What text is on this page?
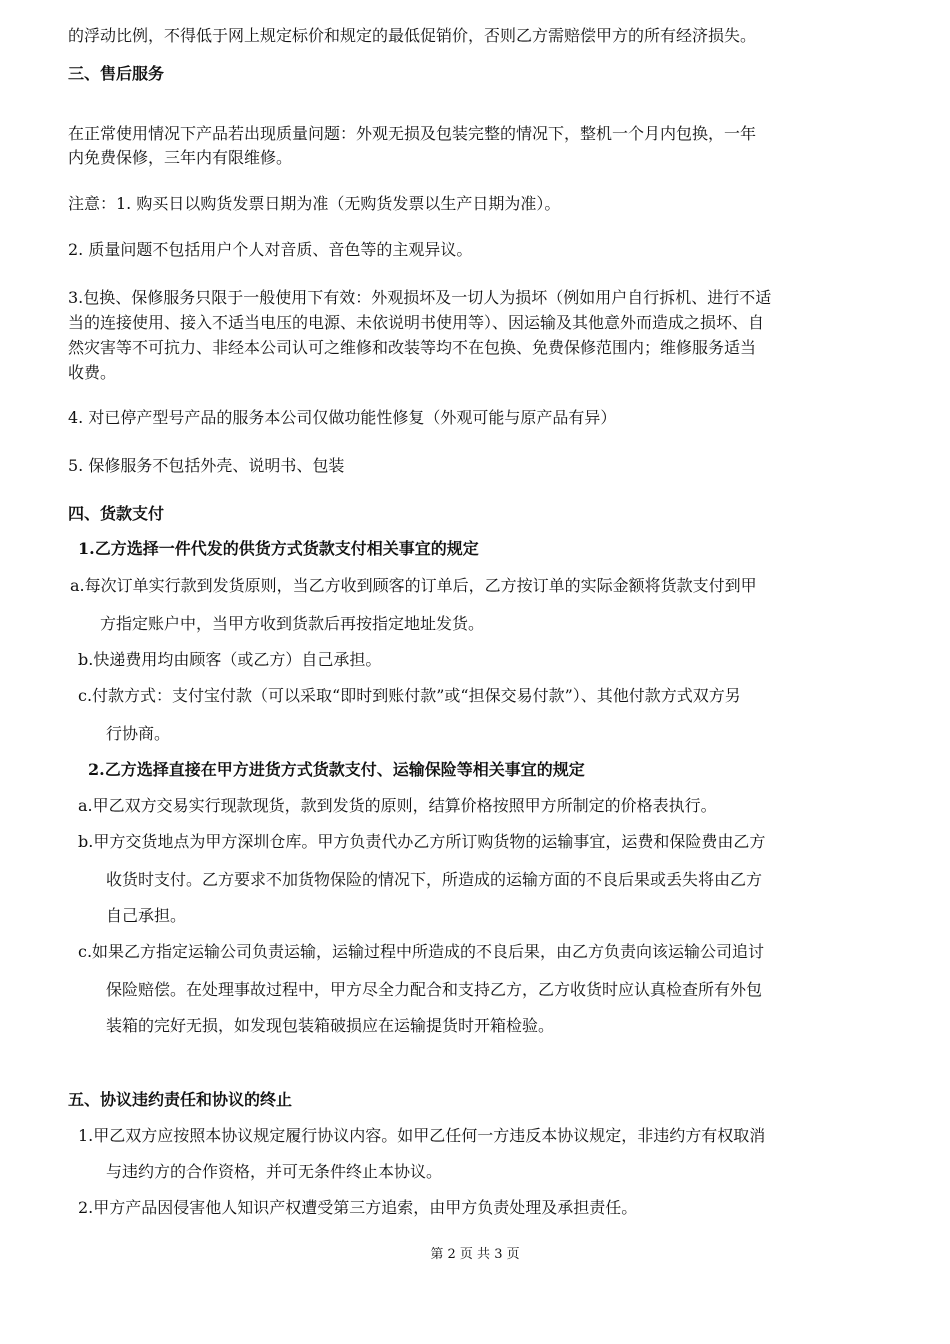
的浮动比例，不得低于网上规定标价和规定的最低促销价，否则乙方需赔偿甲方的所有经济损失。
三、售后服务
在正常使用情况下产品若出现质量问题：外观无损及包装完整的情况下，整机一个月内包换，一年
内免费保修，三年内有限维修。
注意：1. 购买日以购货发票日期为准（无购货发票以生产日期为准）。
2. 质量问题不包括用户个人对音质、音色等的主观异议。
3.包换、保修服务只限于一般使用下有效：外观损坏及一切人为损坏（例如用户自行拆机、进行不适
当的连接使用、接入不适当电压的电源、未依说明书使用等）、因运输及其他意外而造成之损坏、自
然灾害等不可抗力、非经本公司认可之维修和改装等均不在包换、免费保修范围内；维修服务适当
收费。
4. 对已停产型号产品的服务本公司仅做功能性修复（外观可能与原产品有异）
5. 保修服务不包括外壳、说明书、包装
四、货款支付
1.乙方选择一件代发的供货方式货款支付相关事宜的规定
a.每次订单实行款到发货原则，当乙方收到顾客的订单后，乙方按订单的实际金额将货款支付到甲
方指定账户中，当甲方收到货款后再按指定地址发货。
b.快递费用均由顾客（或乙方）自己承担。
c.付款方式：支付宝付款（可以采取“即时到账付款”或“担保交易付款”）、其他付款方式双方另
行协商。
2.乙方选择直接在甲方进货方式货款支付、运输保险等相关事宜的规定
a.甲乙双方交易实行现款现货，款到发货的原则，结算价格按照甲方所制定的价格表执行。
b.甲方交货地点为甲方深圳仓库。甲方负责代办乙方所订购货物的运输事宜，运费和保险费由乙方
收货时支付。乙方要求不加货物保险的情况下，所造成的运输方面的不良后果或丢失将由乙方
自己承担。
c.如果乙方指定运输公司负责运输，运输过程中所造成的不良后果，由乙方负责向该运输公司追讨
保险赔偿。在处理事故过程中，甲方尽全力配合和支持乙方，乙方收货时应认真检查所有外包
装箱的完好无损，如发现包装箱破损应在运输提货时开箱检验。
五、协议违约责任和协议的终止
1.甲乙双方应按照本协议规定履行协议内容。如甲乙任何一方违反本协议规定，非违约方有权取消
与违约方的合作资格，并可无条件终止本协议。
2.甲方产品因侵害他人知识产权遭受第三方追索，由甲方负责处理及承担责任。
第 2 页 共 3 页
